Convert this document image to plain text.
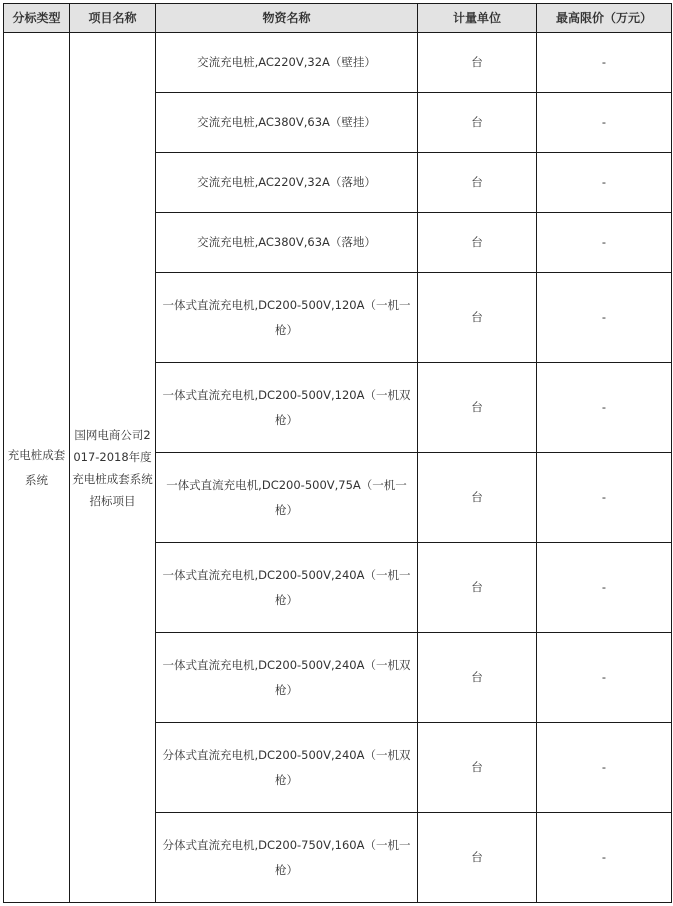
分标类型	项目名称	物资名称	计量单位	最高限价（万元）
充电桩成套系统	国网电商公司2017-2018年度充电桩成套系统招标项目	交流充电桩,AC220V,32A（壁挂）	台	-
		交流充电桩,AC380V,63A（壁挂）	台	-
		交流充电桩,AC220V,32A（落地）	台	-
		交流充电桩,AC380V,63A（落地）	台	-
		一体式直流充电机,DC200-500V,120A（一机一枪）	台	-
		一体式直流充电机,DC200-500V,120A（一机双枪）	台	-
		一体式直流充电机,DC200-500V,75A（一机一枪）	台	-
		一体式直流充电机,DC200-500V,240A（一机一枪）	台	-
		一体式直流充电机,DC200-500V,240A（一机双枪）	台	-
		分体式直流充电机,DC200-500V,240A（一机双枪）	台	-
		分体式直流充电机,DC200-750V,160A（一机一枪）	台	-
